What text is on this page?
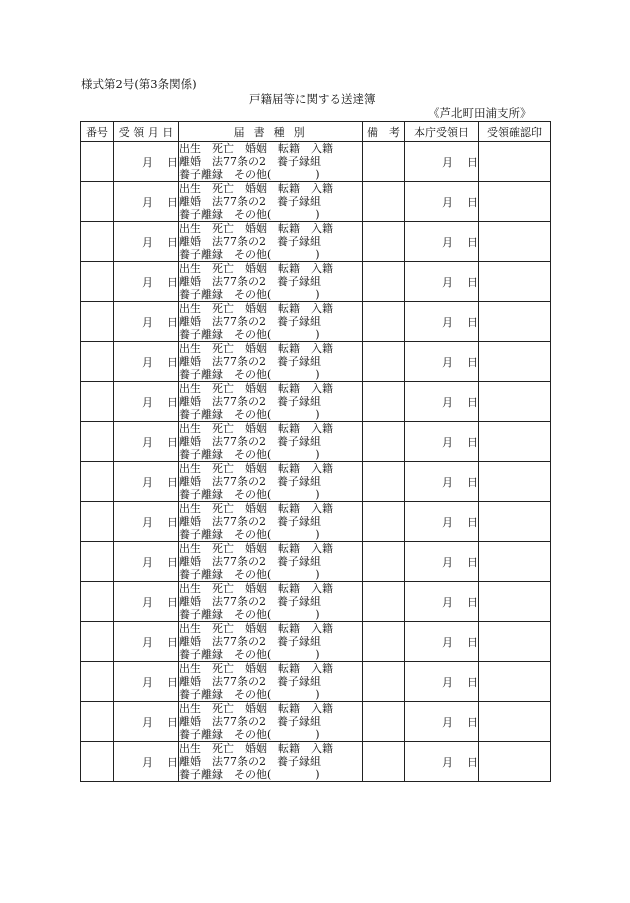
様式第2号(第3条関係)
戸籍届等に関する送達簿
《芦北町田浦支所》
番号	受 領 月 日	届 書 種 別	備 考	本庁受領日	受領確認印
	月 日	出生　死亡　婚姻　転籍　入籍
離婚　法77条の2　養子縁組
養子離縁　その他(　　　　)		月 日	
	月 日	出生　死亡　婚姻　転籍　入籍
離婚　法77条の2　養子縁組
養子離縁　その他(　　　　)		月 日	
	月 日	出生　死亡　婚姻　転籍　入籍
離婚　法77条の2　養子縁組
養子離縁　その他(　　　　)		月 日	
	月 日	出生　死亡　婚姻　転籍　入籍
離婚　法77条の2　養子縁組
養子離縁　その他(　　　　)		月 日	
	月 日	出生　死亡　婚姻　転籍　入籍
離婚　法77条の2　養子縁組
養子離縁　その他(　　　　)		月 日	
	月 日	出生　死亡　婚姻　転籍　入籍
離婚　法77条の2　養子縁組
養子離縁　その他(　　　　)		月 日	
	月 日	出生　死亡　婚姻　転籍　入籍
離婚　法77条の2　養子縁組
養子離縁　その他(　　　　)		月 日	
	月 日	出生　死亡　婚姻　転籍　入籍
離婚　法77条の2　養子縁組
養子離縁　その他(　　　　)		月 日	
	月 日	出生　死亡　婚姻　転籍　入籍
離婚　法77条の2　養子縁組
養子離縁　その他(　　　　)		月 日	
	月 日	出生　死亡　婚姻　転籍　入籍
離婚　法77条の2　養子縁組
養子離縁　その他(　　　　)		月 日	
	月 日	出生　死亡　婚姻　転籍　入籍
離婚　法77条の2　養子縁組
養子離縁　その他(　　　　)		月 日	
	月 日	出生　死亡　婚姻　転籍　入籍
離婚　法77条の2　養子縁組
養子離縁　その他(　　　　)		月 日	
	月 日	出生　死亡　婚姻　転籍　入籍
離婚　法77条の2　養子縁組
養子離縁　その他(　　　　)		月 日	
	月 日	出生　死亡　婚姻　転籍　入籍
離婚　法77条の2　養子縁組
養子離縁　その他(　　　　)		月 日	
	月 日	出生　死亡　婚姻　転籍　入籍
離婚　法77条の2　養子縁組
養子離縁　その他(　　　　)		月 日	
	月 日	出生　死亡　婚姻　転籍　入籍
離婚　法77条の2　養子縁組
養子離縁　その他(　　　　)		月 日	
